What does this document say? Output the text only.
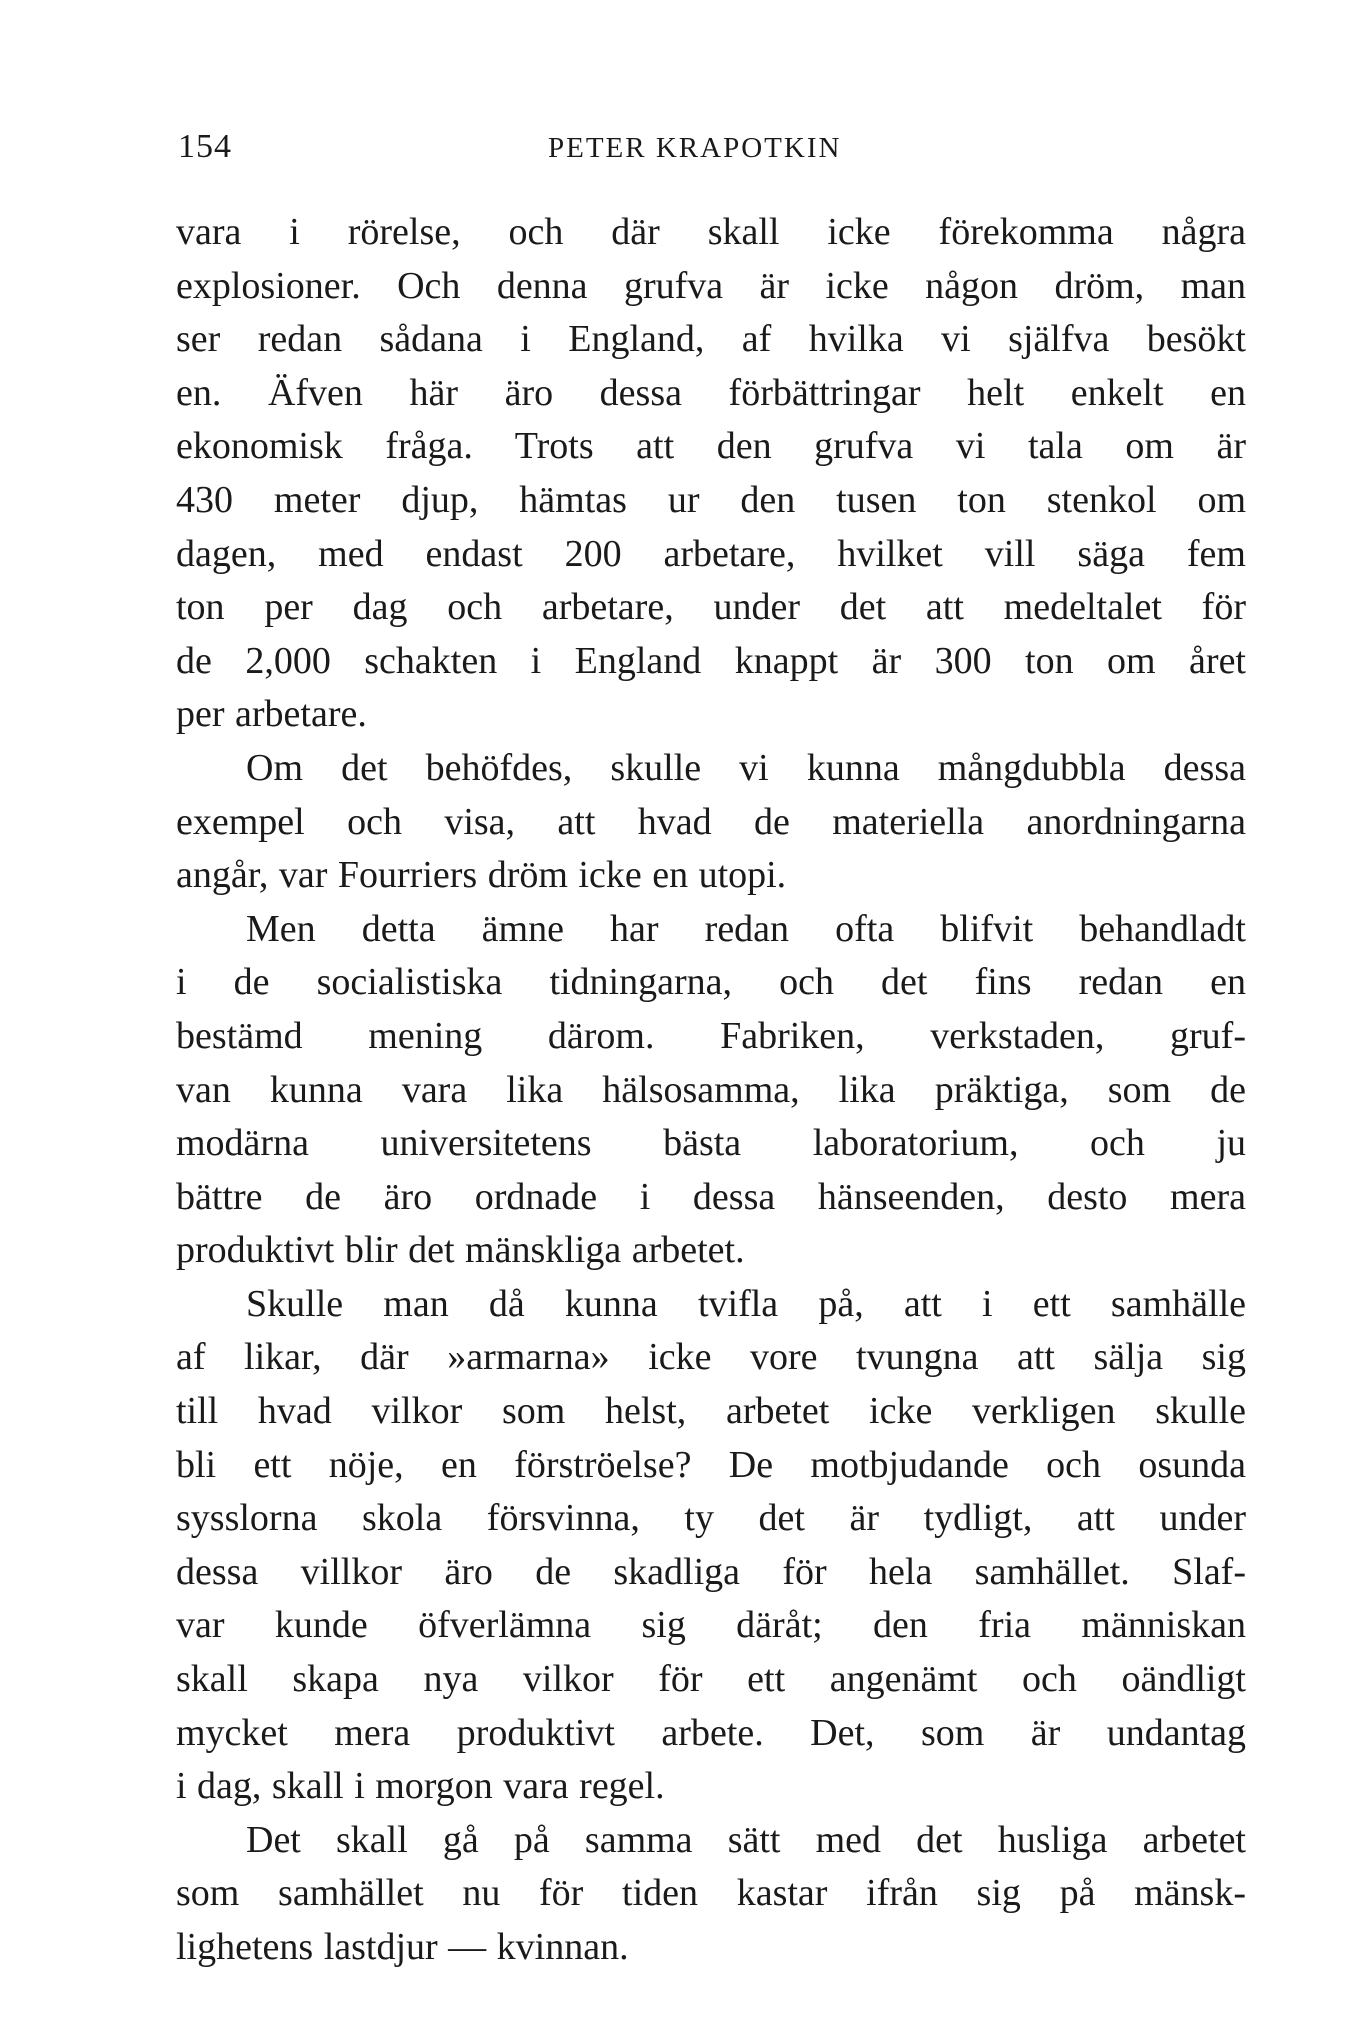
154	PETER KRAPOTKIN
vara i rörelse, och där skall icke förekomma några
explosioner. Och denna grufva är icke någon dröm, man
ser redan sådana i England, af hvilka vi själfva besökt
en. Äfven här äro dessa förbättringar helt enkelt en
ekonomisk fråga. Trots att den grufva vi tala om är
430 meter djup, hämtas ur den tusen ton stenkol om
dagen, med endast 200 arbetare, hvilket vill säga fem
ton per dag och arbetare, under det att medeltalet för
de 2,000 schakten i England knappt är 300 ton om året
per arbetare.
Om det behöfdes, skulle vi kunna mångdubbla dessa
exempel och visa, att hvad de materiella anordningarna
angår, var Fourriers dröm icke en utopi.
Men detta ämne har redan ofta blifvit behandladt
i de socialistiska tidningarna, och det fins redan en
bestämd mening därom. Fabriken, verkstaden, gruf-
van kunna vara lika hälsosamma, lika präktiga, som de
modärna universitetens bästa laboratorium, och ju
bättre de äro ordnade i dessa hänseenden, desto mera
produktivt blir det mänskliga arbetet.
Skulle man då kunna tvifla på, att i ett samhälle
af likar, där »armarna» icke vore tvungna att sälja sig
till hvad vilkor som helst, arbetet icke verkligen skulle
bli ett nöje, en förströelse? De motbjudande och osunda
sysslorna skola försvinna, ty det är tydligt, att under
dessa villkor äro de skadliga för hela samhället. Slaf-
var kunde öfverlämna sig däråt; den fria människan
skall skapa nya vilkor för ett angenämt och oändligt
mycket mera produktivt arbete. Det, som är undantag
i dag, skall i morgon vara regel.
Det skall gå på samma sätt med det husliga arbetet
som samhället nu för tiden kastar ifrån sig på mänsk-
lighetens lastdjur — kvinnan.
